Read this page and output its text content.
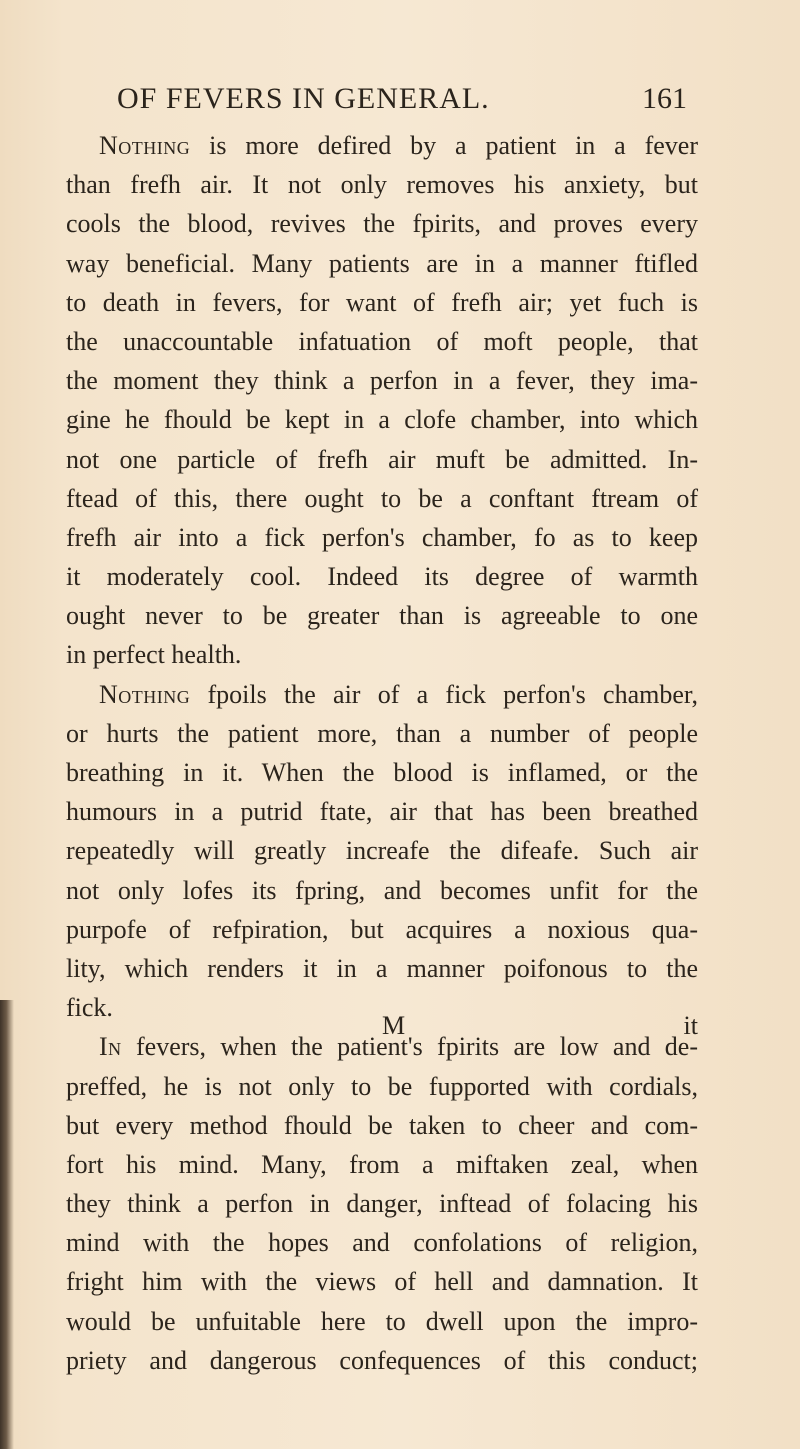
OF FEVERS IN GENERAL.	161
Nothing is more defired by a patient in a fever
than frefh air. It not only removes his anxiety, but
cools the blood, revives the fpirits, and proves every
way beneficial. Many patients are in a manner ftifled
to death in fevers, for want of frefh air; yet fuch is
the unaccountable infatuation of moft people, that
the moment they think a perfon in a fever, they ima-
gine he fhould be kept in a clofe chamber, into which
not one particle of frefh air muft be admitted. In-
ftead of this, there ought to be a conftant ftream of
frefh air into a fick perfon's chamber, fo as to keep
it moderately cool. Indeed its degree of warmth
ought never to be greater than is agreeable to one
in perfect health.
Nothing fpoils the air of a fick perfon's chamber,
or hurts the patient more, than a number of people
breathing in it. When the blood is inflamed, or the
humours in a putrid ftate, air that has been breathed
repeatedly will greatly increafe the difeafe. Such air
not only lofes its fpring, and becomes unfit for the
purpofe of refpiration, but acquires a noxious qua-
lity, which renders it in a manner poifonous to the
fick.
In fevers, when the patient's fpirits are low and de-
preffed, he is not only to be fupported with cordials,
but every method fhould be taken to cheer and com-
fort his mind. Many, from a miftaken zeal, when
they think a perfon in danger, inftead of folacing his
mind with the hopes and confolations of religion,
fright him with the views of hell and damnation. It
would be unfuitable here to dwell upon the impro-
priety and dangerous confequences of this conduct;
M	it
